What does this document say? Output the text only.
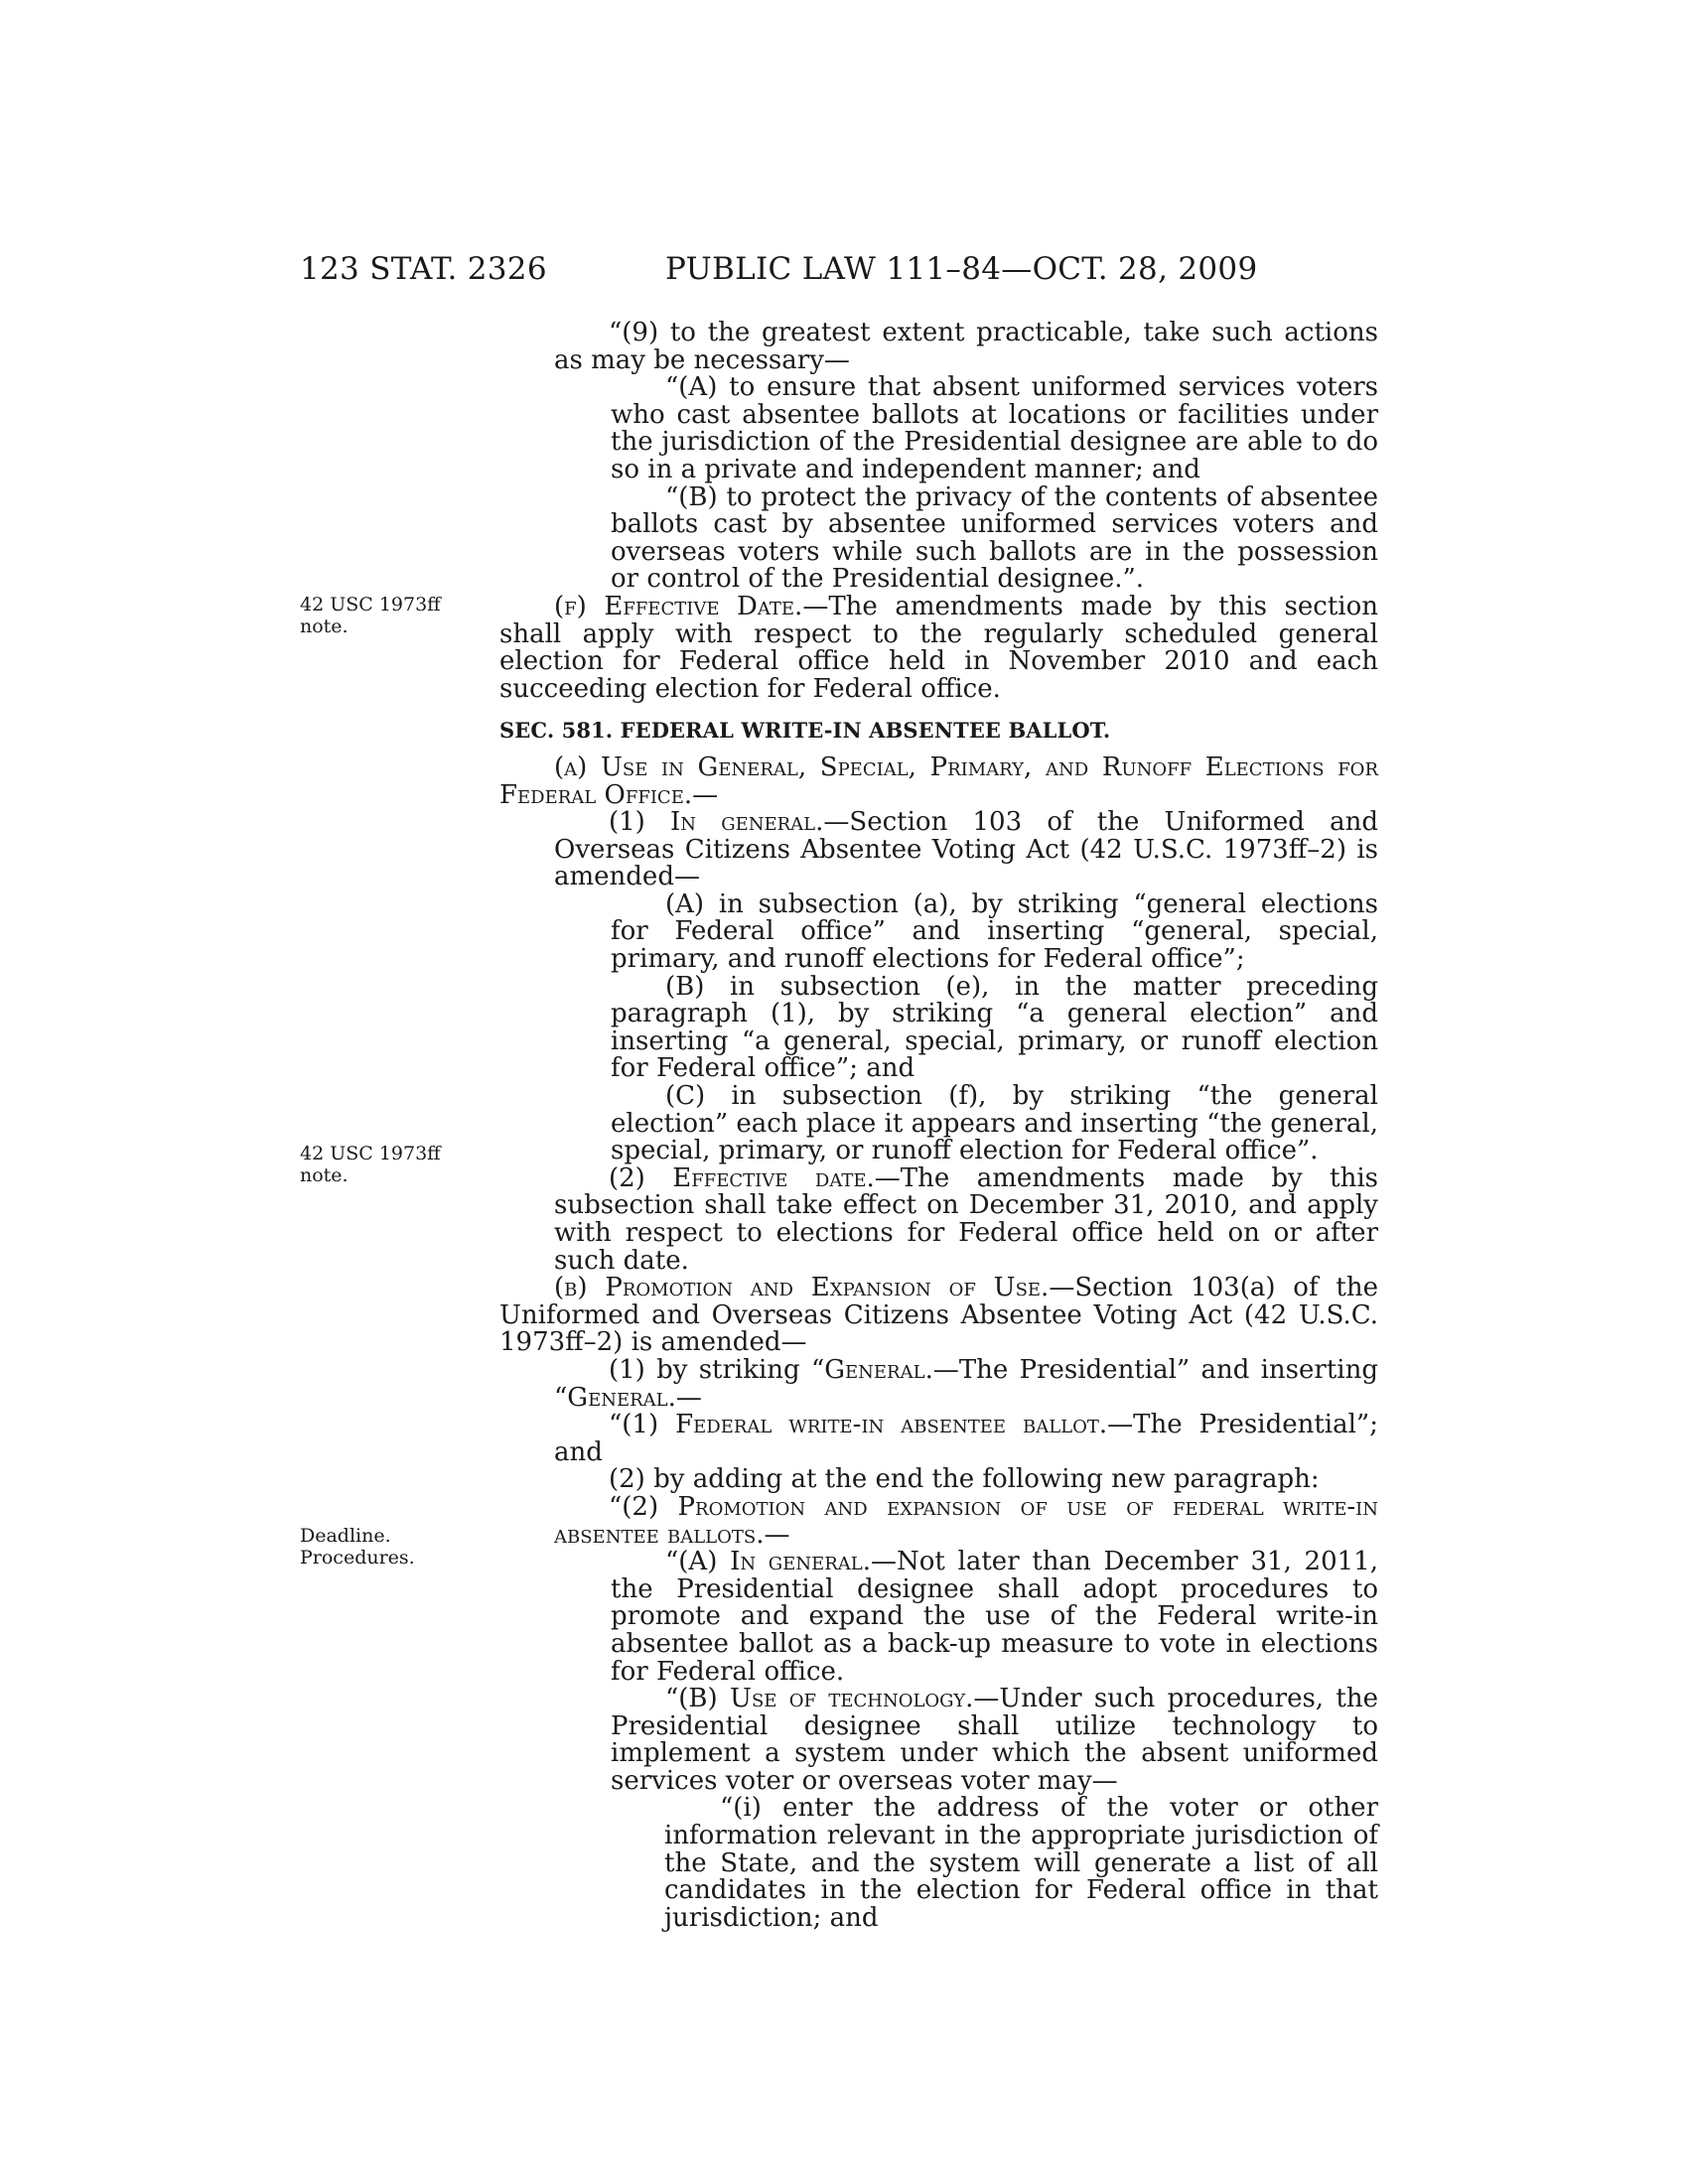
123 STAT. 2326	PUBLIC LAW 111–84—OCT. 28, 2009
42 USC 1973ff
note.
42 USC 1973ff
note.
Deadline.
Procedures.

“(9) to the greatest extent practicable, take such actions as may be necessary—

“(A) to ensure that absent uniformed services voters who cast absentee ballots at locations or facilities under the jurisdiction of the Presidential designee are able to do so in a private and independent manner; and

“(B) to protect the privacy of the contents of absentee ballots cast by absentee uniformed services voters and overseas voters while such ballots are in the possession or control of the Presidential designee.”.

(f) Effective Date.—The amendments made by this section shall apply with respect to the regularly scheduled general election for Federal office held in November 2010 and each succeeding election for Federal office.

SEC. 581. FEDERAL WRITE-IN ABSENTEE BALLOT.

(a) Use in General, Special, Primary, and Runoff Elections for Federal Office.—

(1) In general.—Section 103 of the Uniformed and Overseas Citizens Absentee Voting Act (42 U.S.C. 1973ff–2) is amended—

(A) in subsection (a), by striking “general elections for Federal office” and inserting “general, special, primary, and runoff elections for Federal office”;

(B) in subsection (e), in the matter preceding paragraph (1), by striking “a general election” and inserting “a general, special, primary, or runoff election for Federal office”; and

(C) in subsection (f), by striking “the general election” each place it appears and inserting “the general, special, primary, or runoff election for Federal office”.

(2) Effective date.—The amendments made by this subsection shall take effect on December 31, 2010, and apply with respect to elections for Federal office held on or after such date.

(b) Promotion and Expansion of Use.—Section 103(a) of the Uniformed and Overseas Citizens Absentee Voting Act (42 U.S.C. 1973ff–2) is amended—

(1) by striking “General.—The Presidential” and inserting “General.—

“(1) Federal write-in absentee ballot.—The Presidential”; and

(2) by adding at the end the following new paragraph:

“(2) Promotion and expansion of use of federal write-in absentee ballots.—

“(A) In general.—Not later than December 31, 2011, the Presidential designee shall adopt procedures to promote and expand the use of the Federal write-in absentee ballot as a back-up measure to vote in elections for Federal office.

“(B) Use of technology.—Under such procedures, the Presidential designee shall utilize technology to implement a system under which the absent uniformed services voter or overseas voter may—

“(i) enter the address of the voter or other information relevant in the appropriate jurisdiction of the State, and the system will generate a list of all candidates in the election for Federal office in that jurisdiction; and
